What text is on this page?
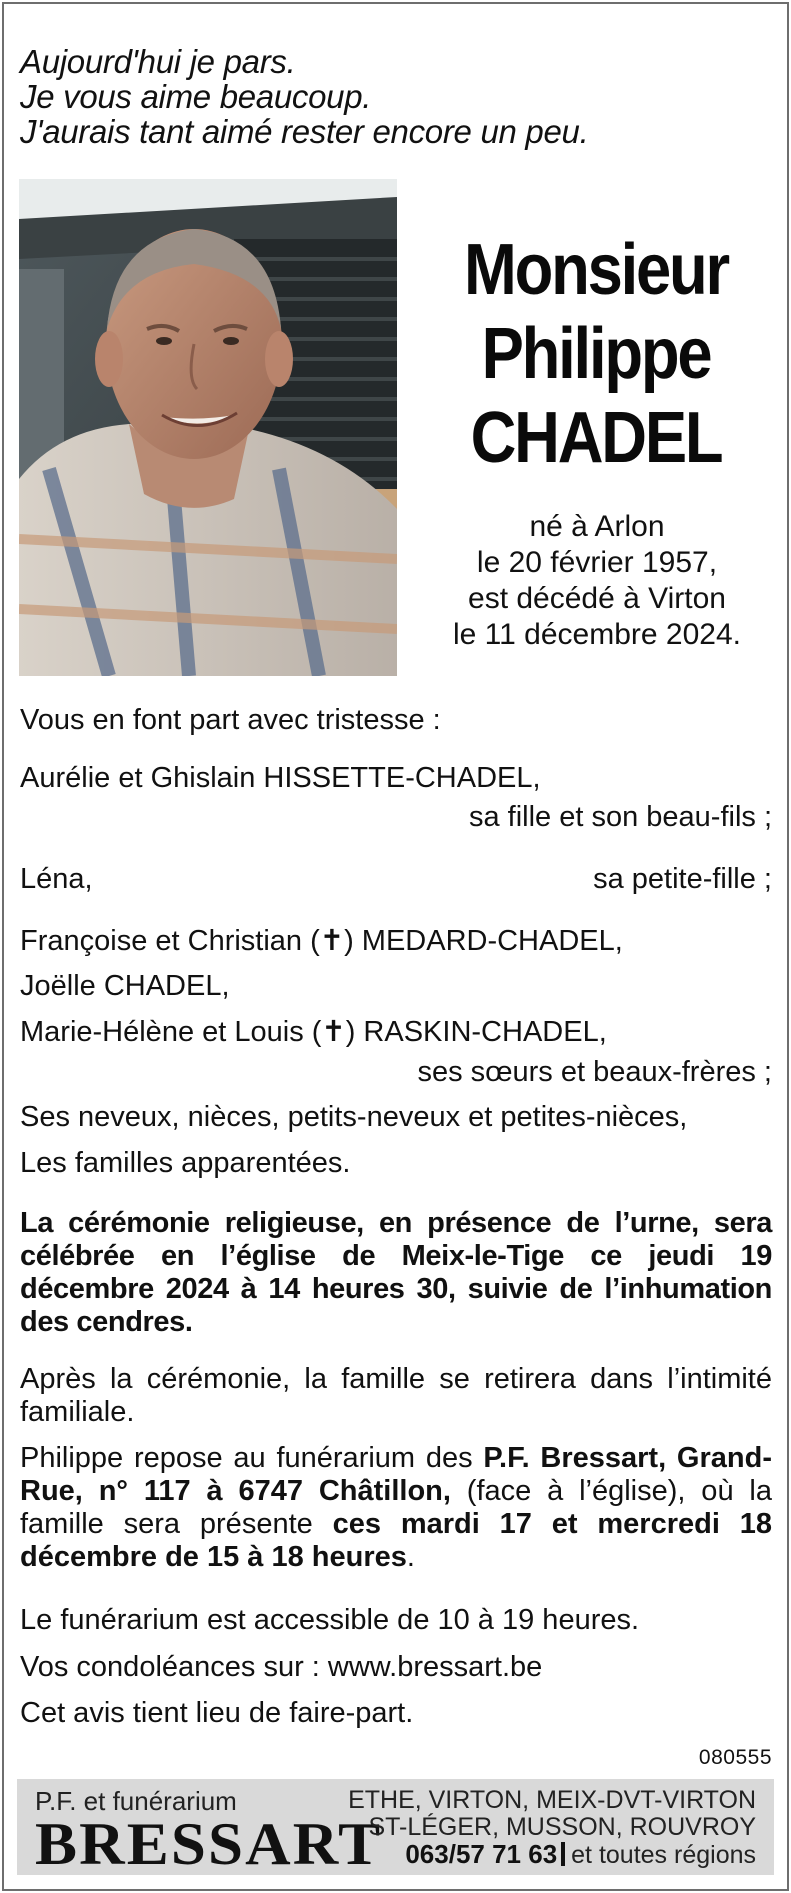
Aujourd'hui je pars.
Je vous aime beaucoup.
J'aurais tant aimé rester encore un peu.
Monsieur
Philippe
CHADEL
né à Arlon
le 20 février 1957,
est décédé à Virton
le 11 décembre 2024.
Vous en font part avec tristesse :
Aurélie et Ghislain HISSETTE-CHADEL,
sa fille et son beau-fils ;
Léna,	sa petite-fille ;
Françoise et Christian (✝) MEDARD-CHADEL,
Joëlle CHADEL,
Marie-Hélène et Louis (✝) RASKIN-CHADEL,
ses sœurs et beaux-frères ;
Ses neveux, nièces, petits-neveux et petites-nièces,
Les familles apparentées.
La cérémonie religieuse, en présence de l’urne, sera célébrée en l’église de Meix-le-Tige ce jeudi 19 décembre 2024 à 14 heures 30, suivie de l’inhumation des cendres.
Après la cérémonie, la famille se retirera dans l’intimité familiale.
Philippe repose au funérarium des P.F. Bressart, Grand-Rue, n° 117 à 6747 Châtillon, (face à l’église), où la famille sera présente ces mardi 17 et mercredi 18 décembre de 15 à 18 heures.
Le funérarium est accessible de 10 à 19 heures.
Vos condoléances sur : www.bressart.be
Cet avis tient lieu de faire-part.
080555
P.F. et funérarium
BRESSART
ETHE, VIRTON, MEIX-DVT-VIRTON
ST-LÉGER, MUSSON, ROUVROY
063/57 71 63 et toutes régions
